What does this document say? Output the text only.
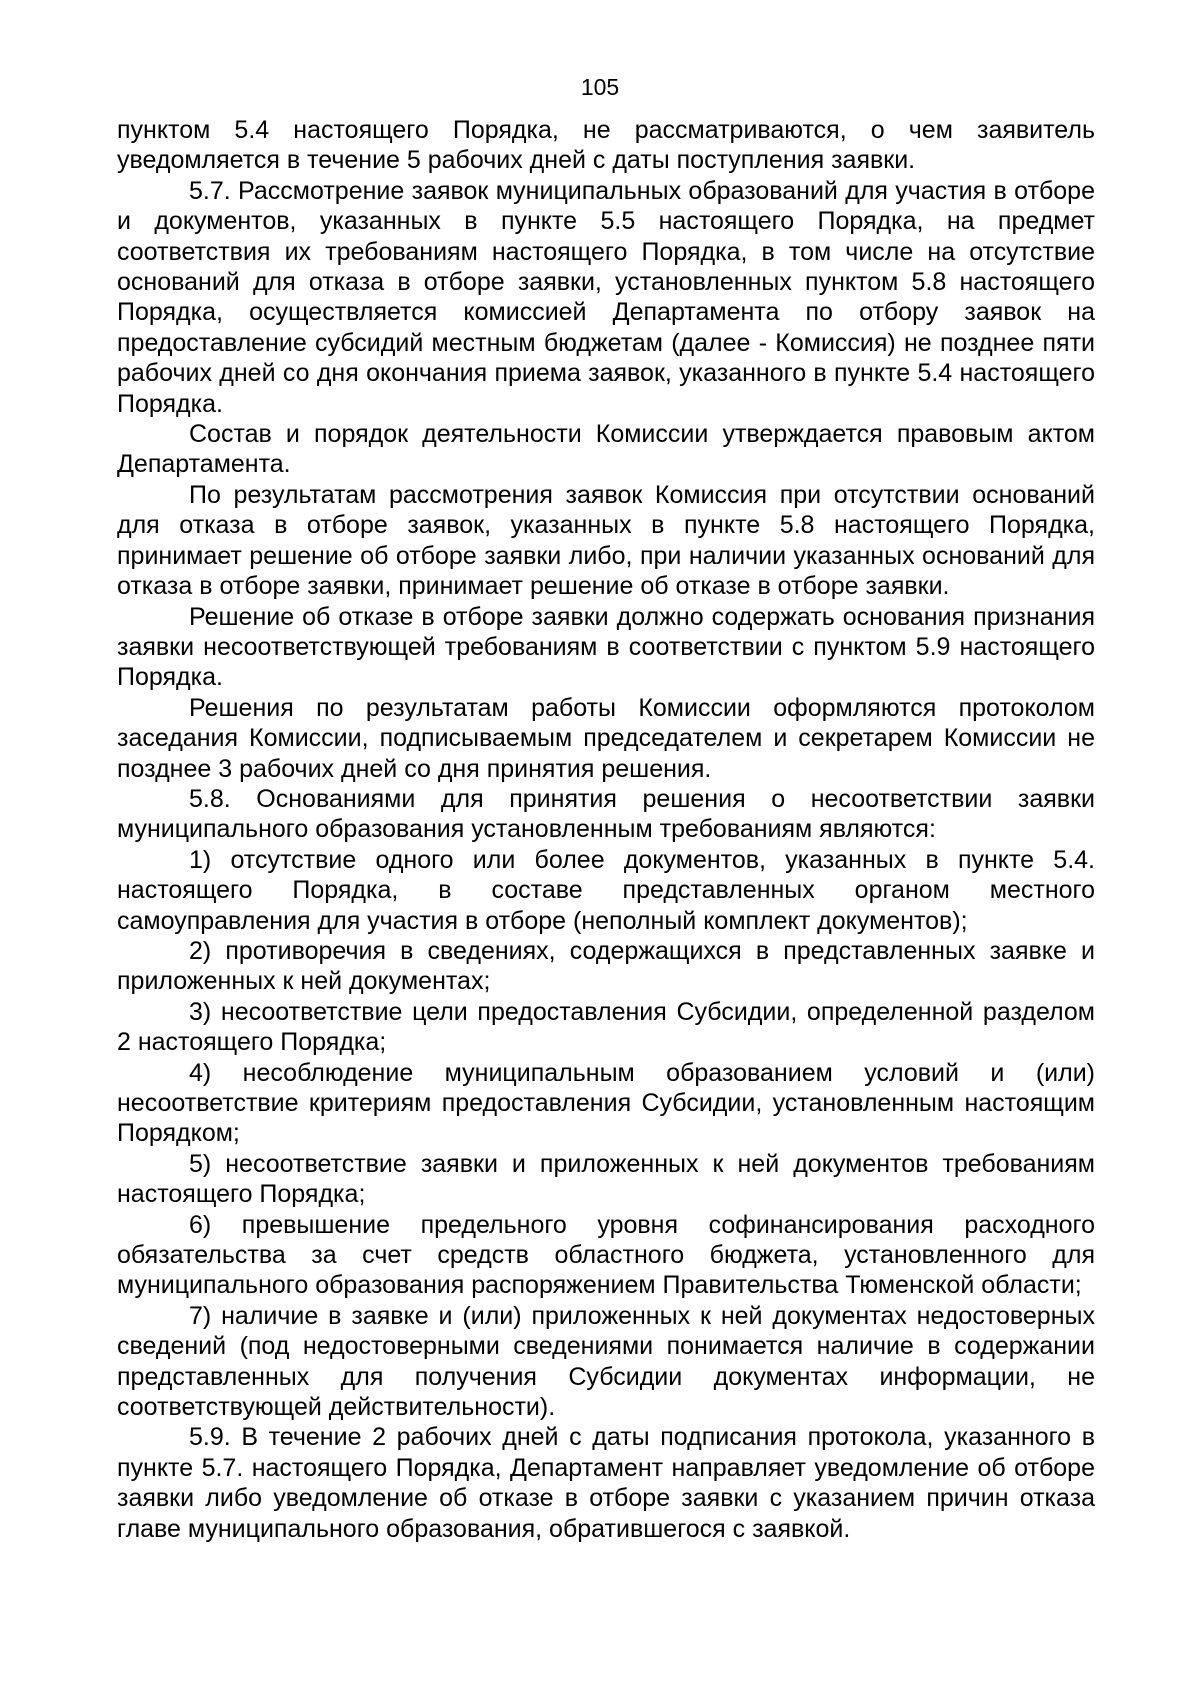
105

пунктом 5.4 настоящего Порядка, не рассматриваются, о чем заявитель уведомляется в течение 5 рабочих дней с даты поступления заявки.

5.7. Рассмотрение заявок муниципальных образований для участия в отборе и документов, указанных в пункте 5.5 настоящего Порядка, на предмет соответствия их требованиям настоящего Порядка, в том числе на отсутствие оснований для отказа в отборе заявки, установленных пунктом 5.8 настоящего Порядка, осуществляется комиссией Департамента по отбору заявок на предоставление субсидий местным бюджетам (далее - Комиссия) не позднее пяти рабочих дней со дня окончания приема заявок, указанного в пункте 5.4 настоящего Порядка.

Состав и порядок деятельности Комиссии утверждается правовым актом Департамента.

По результатам рассмотрения заявок Комиссия при отсутствии оснований для отказа в отборе заявок, указанных в пункте 5.8 настоящего Порядка, принимает решение об отборе заявки либо, при наличии указанных оснований для отказа в отборе заявки, принимает решение об отказе в отборе заявки.

Решение об отказе в отборе заявки должно содержать основания признания заявки несоответствующей требованиям в соответствии с пунктом 5.9 настоящего Порядка.

Решения по результатам работы Комиссии оформляются протоколом заседания Комиссии, подписываемым председателем и секретарем Комиссии не позднее 3 рабочих дней со дня принятия решения.

5.8. Основаниями для принятия решения о несоответствии заявки муниципального образования установленным требованиям являются:

1) отсутствие одного или более документов, указанных в пункте 5.4. настоящего Порядка, в составе представленных органом местного самоуправления для участия в отборе (неполный комплект документов);

2) противоречия в сведениях, содержащихся в представленных заявке и приложенных к ней документах;

3) несоответствие цели предоставления Субсидии, определенной разделом 2 настоящего Порядка;

4) несоблюдение муниципальным образованием условий и (или) несоответствие критериям предоставления Субсидии, установленным настоящим Порядком;

5) несоответствие заявки и приложенных к ней документов требованиям настоящего Порядка;

6) превышение предельного уровня софинансирования расходного обязательства за счет средств областного бюджета, установленного для муниципального образования распоряжением Правительства Тюменской области;

7) наличие в заявке и (или) приложенных к ней документах недостоверных сведений (под недостоверными сведениями понимается наличие в содержании представленных для получения Субсидии документах информации, не соответствующей действительности).

5.9. В течение 2 рабочих дней с даты подписания протокола, указанного в пункте 5.7. настоящего Порядка, Департамент направляет уведомление об отборе заявки либо уведомление об отказе в отборе заявки с указанием причин отказа главе муниципального образования, обратившегося с заявкой.
